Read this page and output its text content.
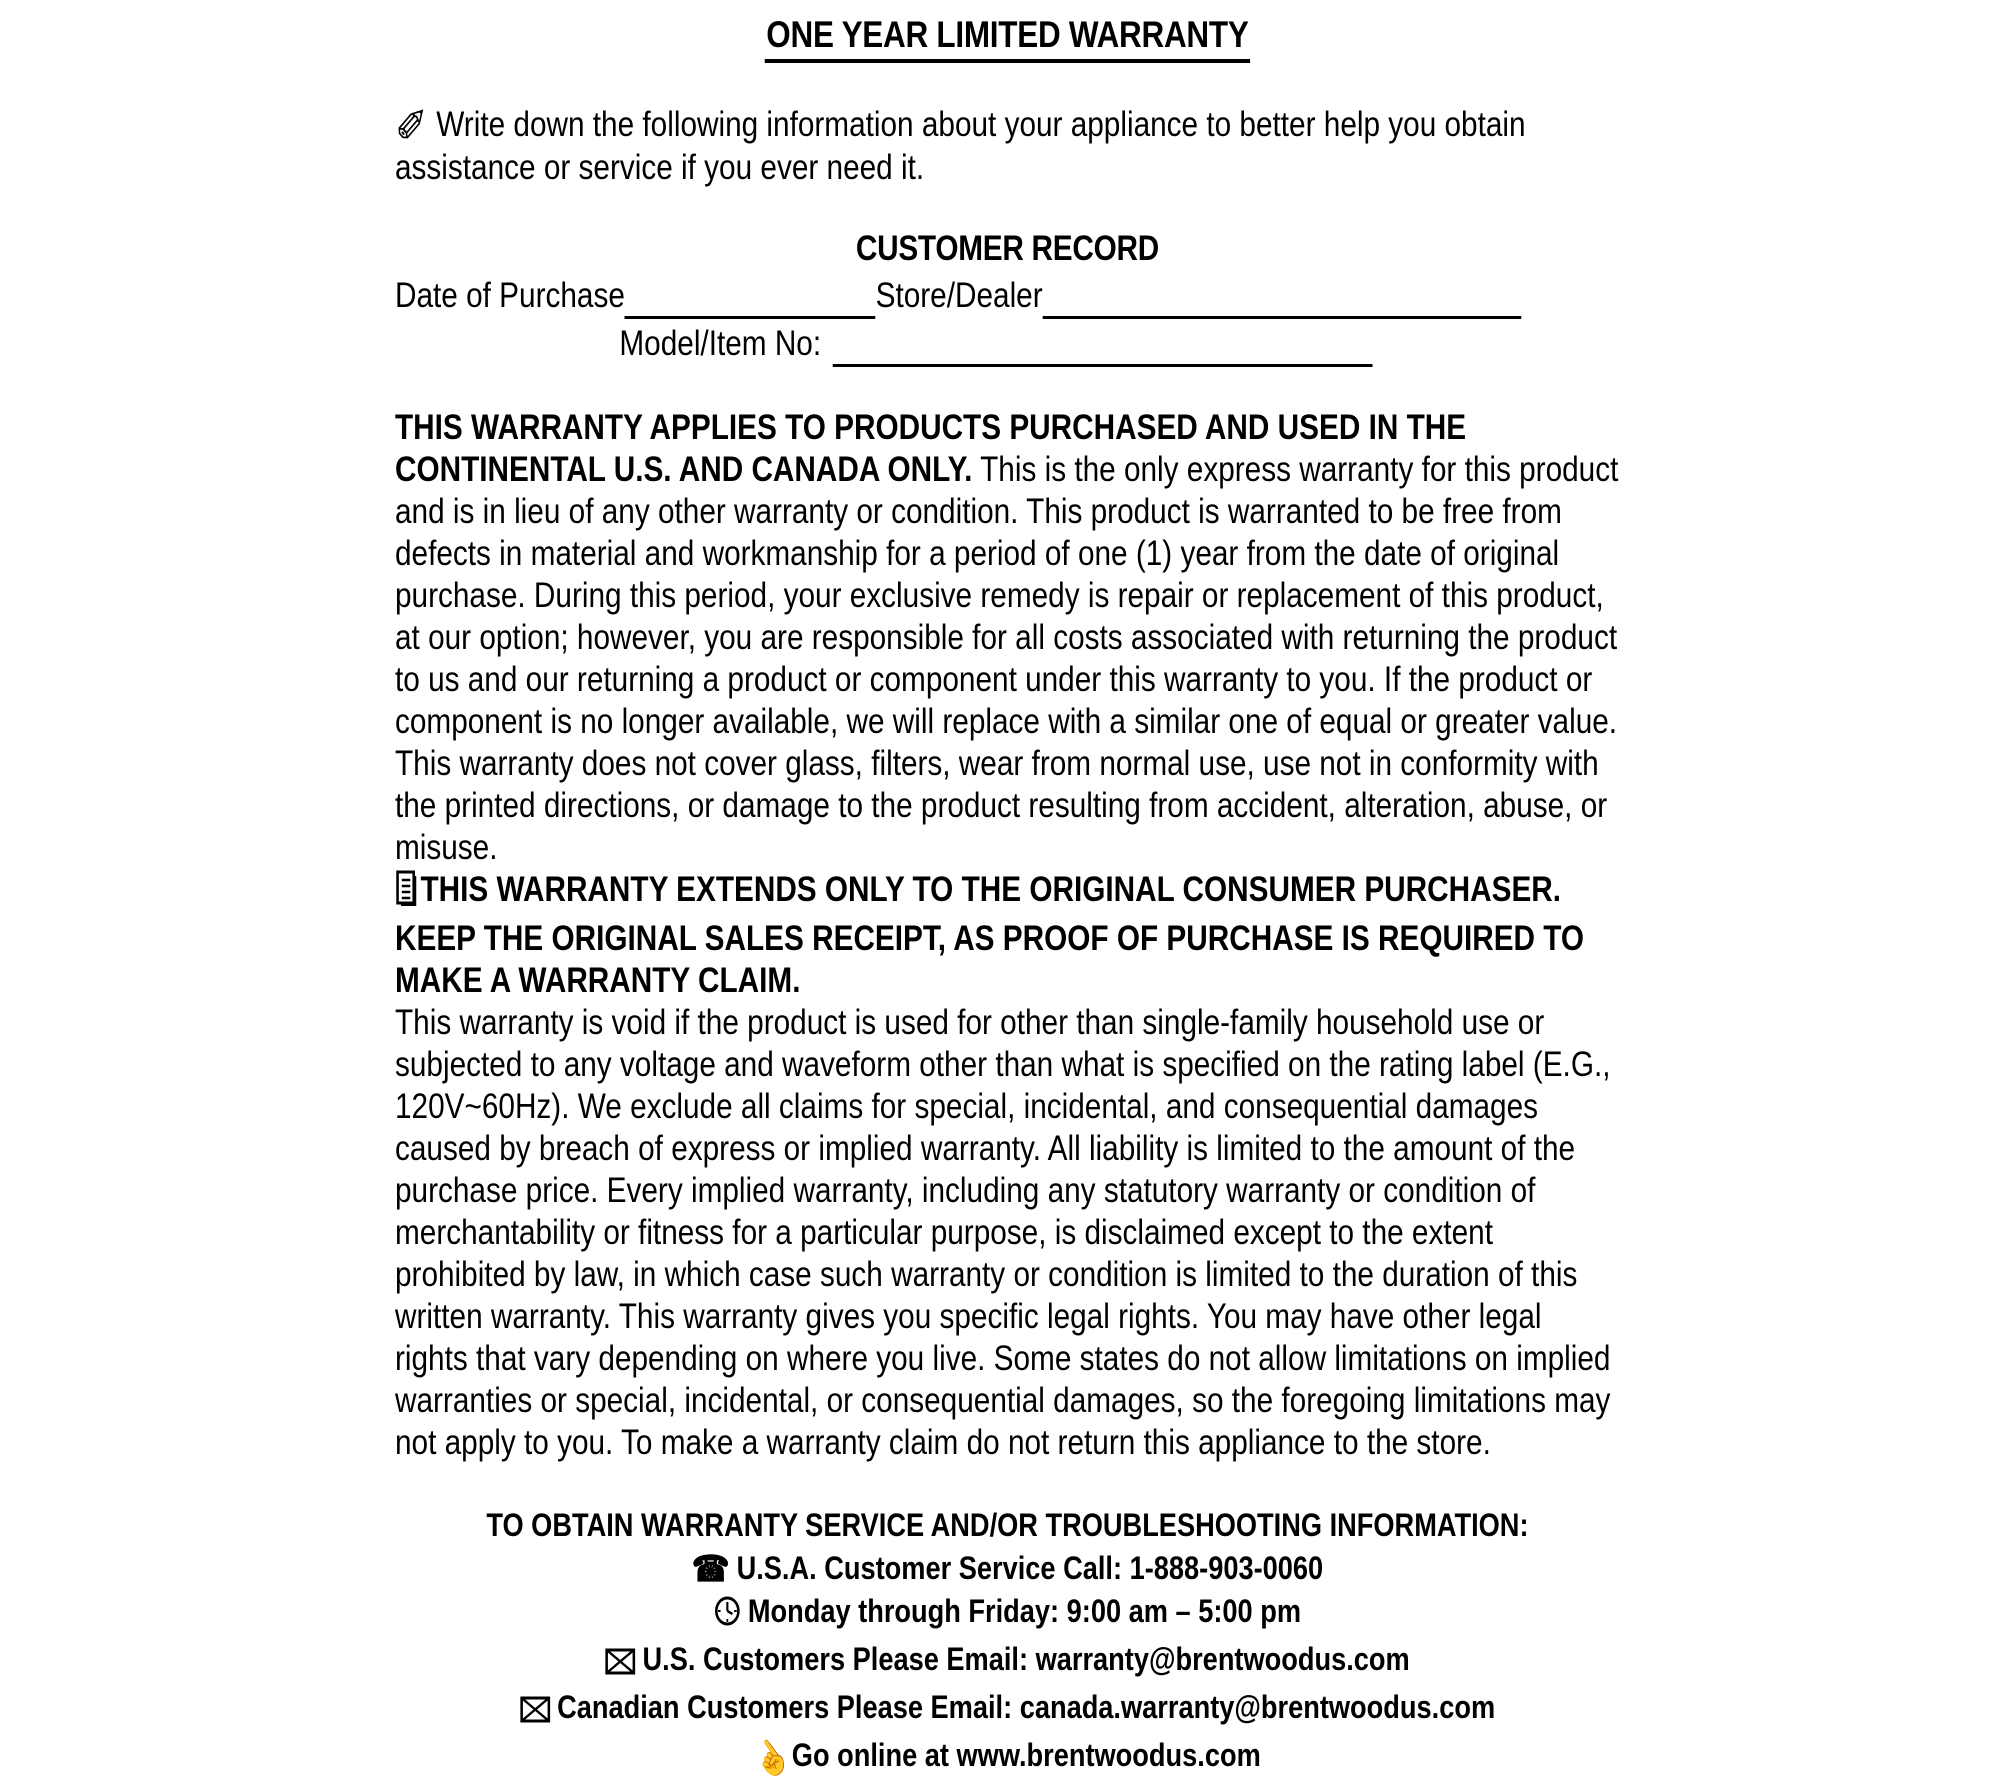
ONE YEAR LIMITED WARRANTY

✐ Write down the following information about your appliance to better help you obtain assistance or service if you ever need it.

CUSTOMER RECORD
Date of Purchase	Store/Dealer
Model/Item No:

THIS WARRANTY APPLIES TO PRODUCTS PURCHASED AND USED IN THE CONTINENTAL U.S. AND CANADA ONLY. This is the only express warranty for this product and is in lieu of any other warranty or condition. This product is warranted to be free from defects in material and workmanship for a period of one (1) year from the date of original purchase. During this period, your exclusive remedy is repair or replacement of this product, at our option; however, you are responsible for all costs associated with returning the product to us and our returning a product or component under this warranty to you. If the product or component is no longer available, we will replace with a similar one of equal or greater value. This warranty does not cover glass, filters, wear from normal use, use not in conformity with the printed directions, or damage to the product resulting from accident, alteration, abuse, or misuse.

THIS WARRANTY EXTENDS ONLY TO THE ORIGINAL CONSUMER PURCHASER. KEEP THE ORIGINAL SALES RECEIPT, AS PROOF OF PURCHASE IS REQUIRED TO MAKE A WARRANTY CLAIM.

This warranty is void if the product is used for other than single-family household use or subjected to any voltage and waveform other than what is specified on the rating label (E.G., 120V~60Hz). We exclude all claims for special, incidental, and consequential damages caused by breach of express or implied warranty. All liability is limited to the amount of the purchase price. Every implied warranty, including any statutory warranty or condition of merchantability or fitness for a particular purpose, is disclaimed except to the extent prohibited by law, in which case such warranty or condition is limited to the duration of this written warranty. This warranty gives you specific legal rights. You may have other legal rights that vary depending on where you live. Some states do not allow limitations on implied warranties or special, incidental, or consequential damages, so the foregoing limitations may not apply to you. To make a warranty claim do not return this appliance to the store.

TO OBTAIN WARRANTY SERVICE AND/OR TROUBLESHOOTING INFORMATION:
☎ U.S.A. Customer Service Call: 1-888-903-0060
Monday through Friday: 9:00 am – 5:00 pm
U.S. Customers Please Email: warranty@brentwoodus.com
Canadian Customers Please Email: canada.warranty@brentwoodus.com
☝Go online at www.brentwoodus.com
